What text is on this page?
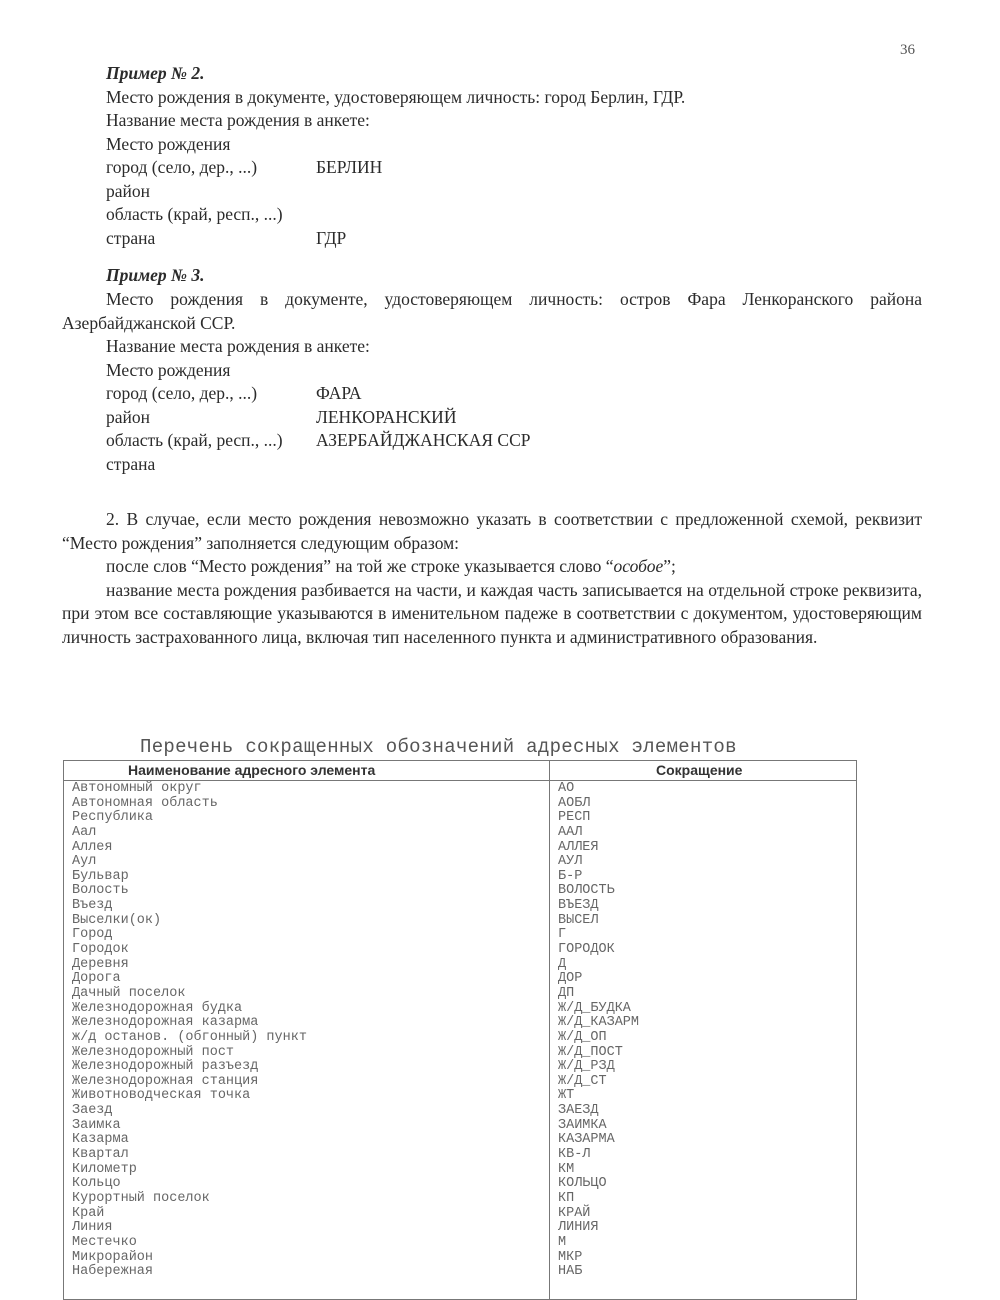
36
Пример № 2.
Место рождения в документе, удостоверяющем личность: город Берлин, ГДР.
Название места рождения в анкете:
Место рождения
город (село, дер., ...)	БЕРЛИН
район
область (край, респ., ...)
страна	ГДР
Пример № 3.

Место рождения в документе, удостоверяющем личность: остров Фара Ленкоранского района

Азербайджанской ССР.

Название места рождения в анкете:
Место рождения
город (село, дер., ...)	ФАРА
район	ЛЕНКОРАНСКИЙ
область (край, респ., ...) АЗЕРБАЙДЖАНСКАЯ ССР
страна

2. В случае, если место рождения невозможно указать в соответствии с предложенной схемой, реквизит “Место рождения” заполняется следующим образом:

после слов “Место рождения” на той же строке указывается слово “особое”;

название места рождения разбивается на части, и каждая часть записывается на отдельной строке реквизита, при этом все составляющие указываются в именительном падеже в соответствии с документом, удостоверяющим личность застрахованного лица, включая тип населенного пункта и административного образования.

Перечень сокращенных обозначений адресных элементов
Наименование адресного элемента	Сокращение
Автономный округ	АО
Автономная область	АОБЛ
Республика	РЕСП
Аал	ААЛ
Аллея	АЛЛЕЯ
Аул	АУЛ
Бульвар	Б-Р
Волость	ВОЛОСТЬ
Въезд	ВЪЕЗД
Выселки(ок)	ВЫСЕЛ
Город	Г
Городок	ГОРОДОК
Деревня	Д
Дорога	ДОР
Дачный поселок	ДП
Железнодорожная будка	Ж/Д_БУДКА
Железнодорожная казарма	Ж/Д_КАЗАРМ
ж/д останов. (обгонный) пункт	Ж/Д_ОП
Железнодорожный пост	Ж/Д_ПОСТ
Железнодорожный разъезд	Ж/Д_РЗД
Железнодорожная станция	Ж/Д_СТ
Животноводческая точка	ЖТ
Заезд	ЗАЕЗД
Заимка	ЗАИМКА
Казарма	КАЗАРМА
Квартал	КВ-Л
Километр	КМ
Кольцо	КОЛЬЦО
Курортный поселок	КП
Край	КРАЙ
Линия	ЛИНИЯ
Местечко	М
Микрорайон	МКР
Набережная	НАБ
